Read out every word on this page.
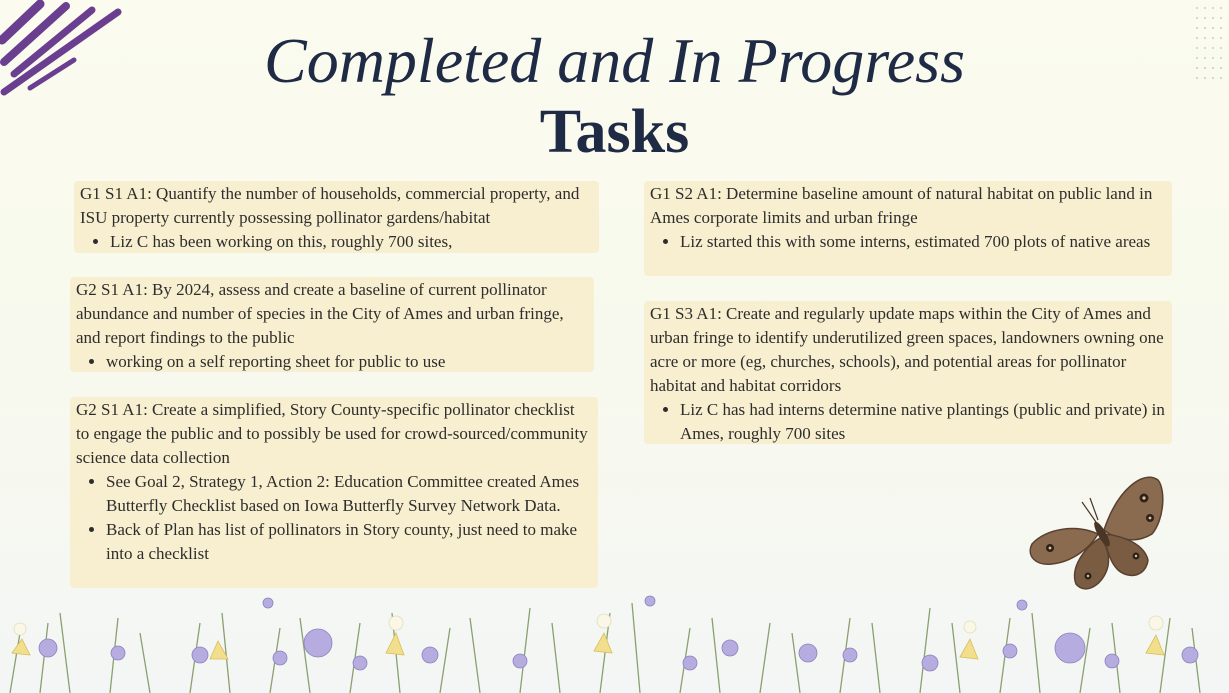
Completed and In Progress
Tasks

G1 S1 A1: Quantify the number of households, commercial property, and ISU property currently possessing pollinator gardens/habitat

• Liz C has been working on this, roughly 700 sites,

G2 S1 A1: By 2024, assess and create a baseline of current pollinator abundance and number of species in the City of Ames and urban fringe, and report findings to the public

• working on a self reporting sheet for public to use

G2 S1 A1: Create a simplified, Story County-specific pollinator checklist to engage the public and to possibly be used for crowd-sourced/community science data collection

• See Goal 2, Strategy 1, Action 2: Education Committee created Ames Butterfly Checklist based on Iowa Butterfly Survey Network Data.
• Back of Plan has list of pollinators in Story county, just need to make into a checklist

G1 S2 A1: Determine baseline amount of natural habitat on public land in Ames corporate limits and urban fringe

• Liz started this with some interns, estimated 700 plots of native areas

G1 S3 A1: Create and regularly update maps within the City of Ames and urban fringe to identify underutilized green spaces, landowners owning one acre or more (eg, churches, schools), and potential areas for pollinator habitat and habitat corridors

• Liz C has had interns determine native plantings (public and private) in Ames, roughly 700 sites
